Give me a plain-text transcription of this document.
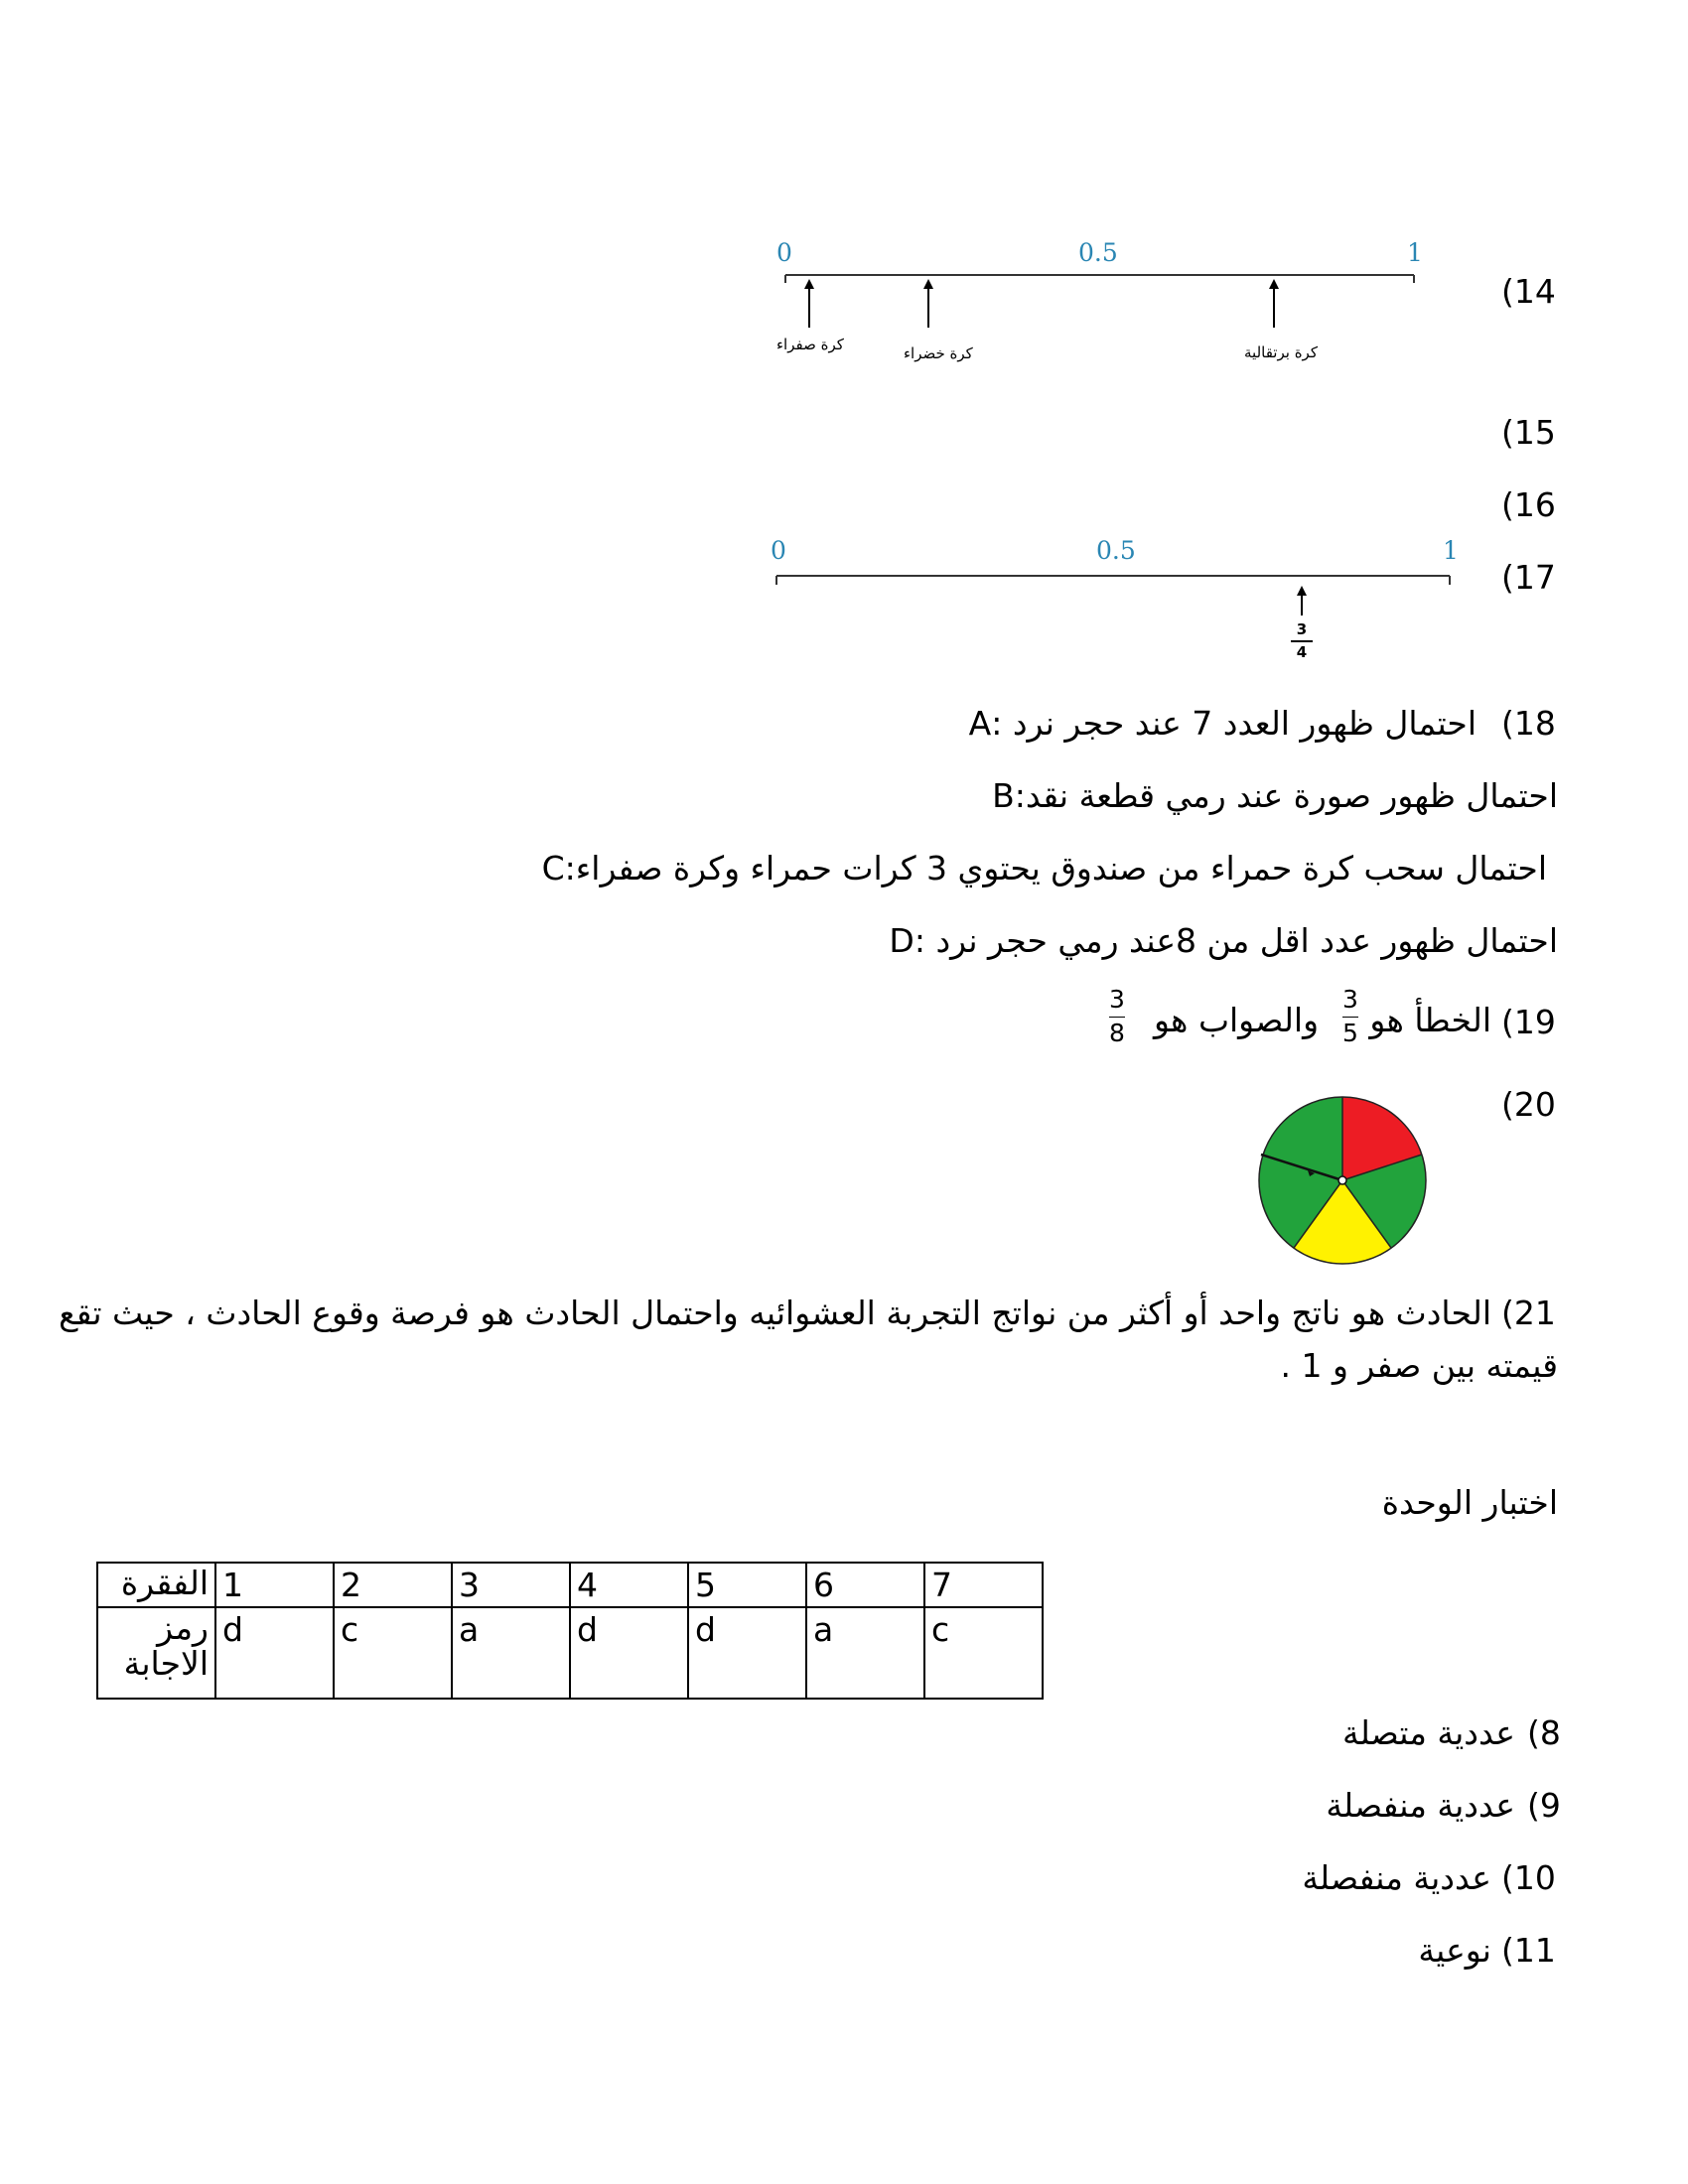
(14
0	0.5	1
كرة صفراء	كرة خضراء	كرة برتقالية
(15
(16
(17
0	0.5	1
3
4
(18
احتمال ظهور العدد 7 عند حجر نرد :A
احتمال ظهور صورة عند رمي قطعة نقد:B
احتمال سحب كرة حمراء من صندوق يحتوي 3 كرات حمراء وكرة صفراء:C
احتمال ظهور عدد اقل من 8عند رمي حجر نرد :D
(19
الخطأ هو
3
5
والصواب هو
3
8
(20
(21
الحادث هو ناتج واحد أو أكثر من نواتج التجربة العشوائيه واحتمال الحادث هو فرصة وقوع الحادث ، حيث تقع
قيمته بين صفر و 1 .
اختبار الوحدة
الفقرة	1	2	3	4	5	6	7

رمز
الاجابة	d	c	a	d	d	a	c
(8
عددية متصلة
(9
عددية منفصلة
(10
عددية منفصلة
(11
نوعية
